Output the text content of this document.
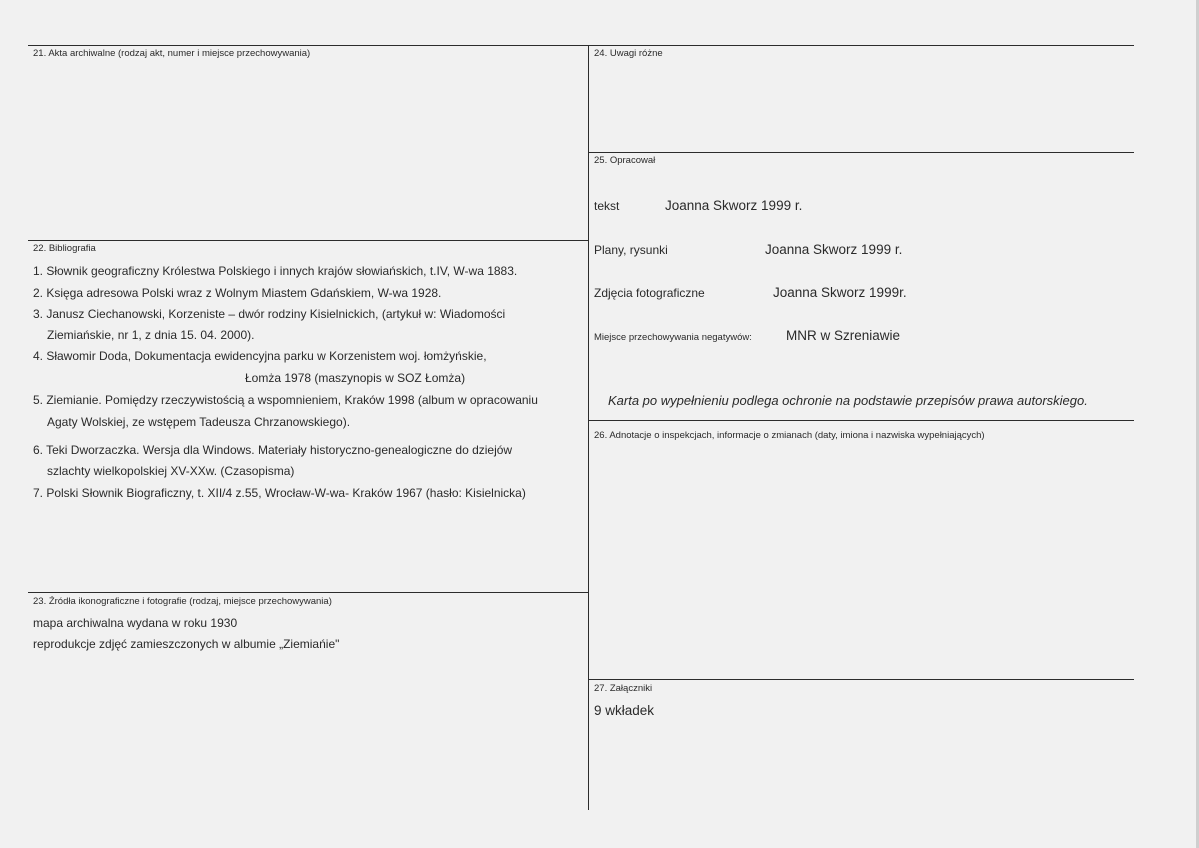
21. Akta archiwalne (rodzaj akt, numer i miejsce przechowywania)
22. Bibliografia
1. Słownik geograficzny Królestwa Polskiego i innych krajów słowiańskich, t.IV, W-wa 1883.
2. Księga adresowa Polski wraz z Wolnym Miastem Gdańskiem, W-wa 1928.
3. Janusz Ciechanowski, Korzeniste – dwór rodziny Kisielnickich, (artykuł w: Wiadomości
Ziemiańskie, nr 1, z dnia 15. 04. 2000).
4. Sławomir Doda, Dokumentacja ewidencyjna parku w Korzenistem woj. łomżyńskie,
Łomża 1978 (maszynopis w SOZ Łomża)
5. Ziemianie. Pomiędzy rzeczywistością a wspomnieniem, Kraków 1998 (album w opracowaniu
Agaty Wolskiej, ze wstępem Tadeusza Chrzanowskiego).
6. Teki Dworzaczka. Wersja dla Windows. Materiały historyczno-genealogiczne do dziejów
szlachty wielkopolskiej XV-XXw. (Czasopisma)
7. Polski Słownik Biograficzny, t. XII/4 z.55, Wrocław-W-wa- Kraków 1967 (hasło: Kisielnicka)
23. Źródła ikonograficzne i fotografie (rodzaj, miejsce przechowywania)
mapa archiwalna wydana w roku 1930
reprodukcje zdjęć zamieszczonych w albumie „Ziemiańie"
24. Uwagi różne
25. Opracował
tekst	Joanna Skworz 1999 r.
Plany, rysunki	Joanna Skworz 1999 r.
Zdjęcia fotograficzne	Joanna Skworz 1999r.
Miejsce przechowywania negatywów:	MNR w Szreniawie
Karta po wypełnieniu podlega ochronie na podstawie przepisów prawa autorskiego.
26. Adnotacje o inspekcjach, informacje o zmianach (daty, imiona i nazwiska wypełniających)
27. Załączniki
9 wkładek
